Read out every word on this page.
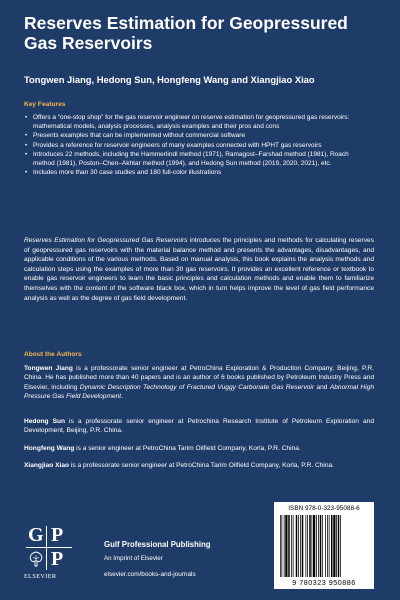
Reserves Estimation for Geopressured Gas Reservoirs
Tongwen Jiang, Hedong Sun, Hongfeng Wang and Xiangjiao Xiao
Key Features
• Offers a “one-stop shop” for the gas reservoir engineer on reserve estimation for geopressured gas reservoirs: mathematical models, analysis processes, analysis examples and their pros and cons
• Presents examples that can be implemented without commercial software
• Provides a reference for reservoir engineers of many examples connected with HPHT gas reservoirs
• Introduces 22 methods, including the Hammerlindl method (1971), Ramagost–Farshad method (1981), Roach method (1981), Poston–Chen–Akhtar method (1994), and Hedong Sun method (2019, 2020, 2021), etc.
• Includes more than 30 case studies and 180 full-color illustrations

Reserves Estimation for Geopressured Gas Reservoirs introduces the principles and methods for calculating reserves of geopressured gas reservoirs with the material balance method and presents the advantages, disadvantages, and applicable conditions of the various methods. Based on manual analysis, this book explains the analysis methods and calculation steps using the examples of more than 30 gas reservoirs. It provides an excellent reference or textbook to enable gas reservoir engineers to learn the basic principles and calculation methods and enable them to familiarize themselves with the content of the software black box, which in turn helps improve the level of gas field performance analysis as well as the degree of gas field development.

About the Authors

Tongwen Jiang is a professorate senior engineer at PetroChina Exploration & Production Company, Beijing, P.R. China. He has published more than 40 papers and is an author of 6 books published by Petroleum Industry Press and Elsevier, including Dynamic Description Technology of Fractured Vuggy Carbonate Gas Reservoir and Abnormal High Pressure Gas Field Development.

Hedong Sun is a professorate senior engineer at Petrochina Research Institute of Petroleum Exploration and Development, Beijing, P.R. China.

Hongfeng Wang is a senior engineer at PetroChina Tarim Oilfield Company, Korla, P.R. China.

Xiangjiao Xiao is a professorate senior engineer at PetroChina Tarim Oilfield Company, Korla, P.R. China.

G P
P
ELSEVIER
Gulf Professional Publishing
An Imprint of Elsevier
elsevier.com/books-and-journals
ISBN 978-0-323-95088-6
9 780323 950886
